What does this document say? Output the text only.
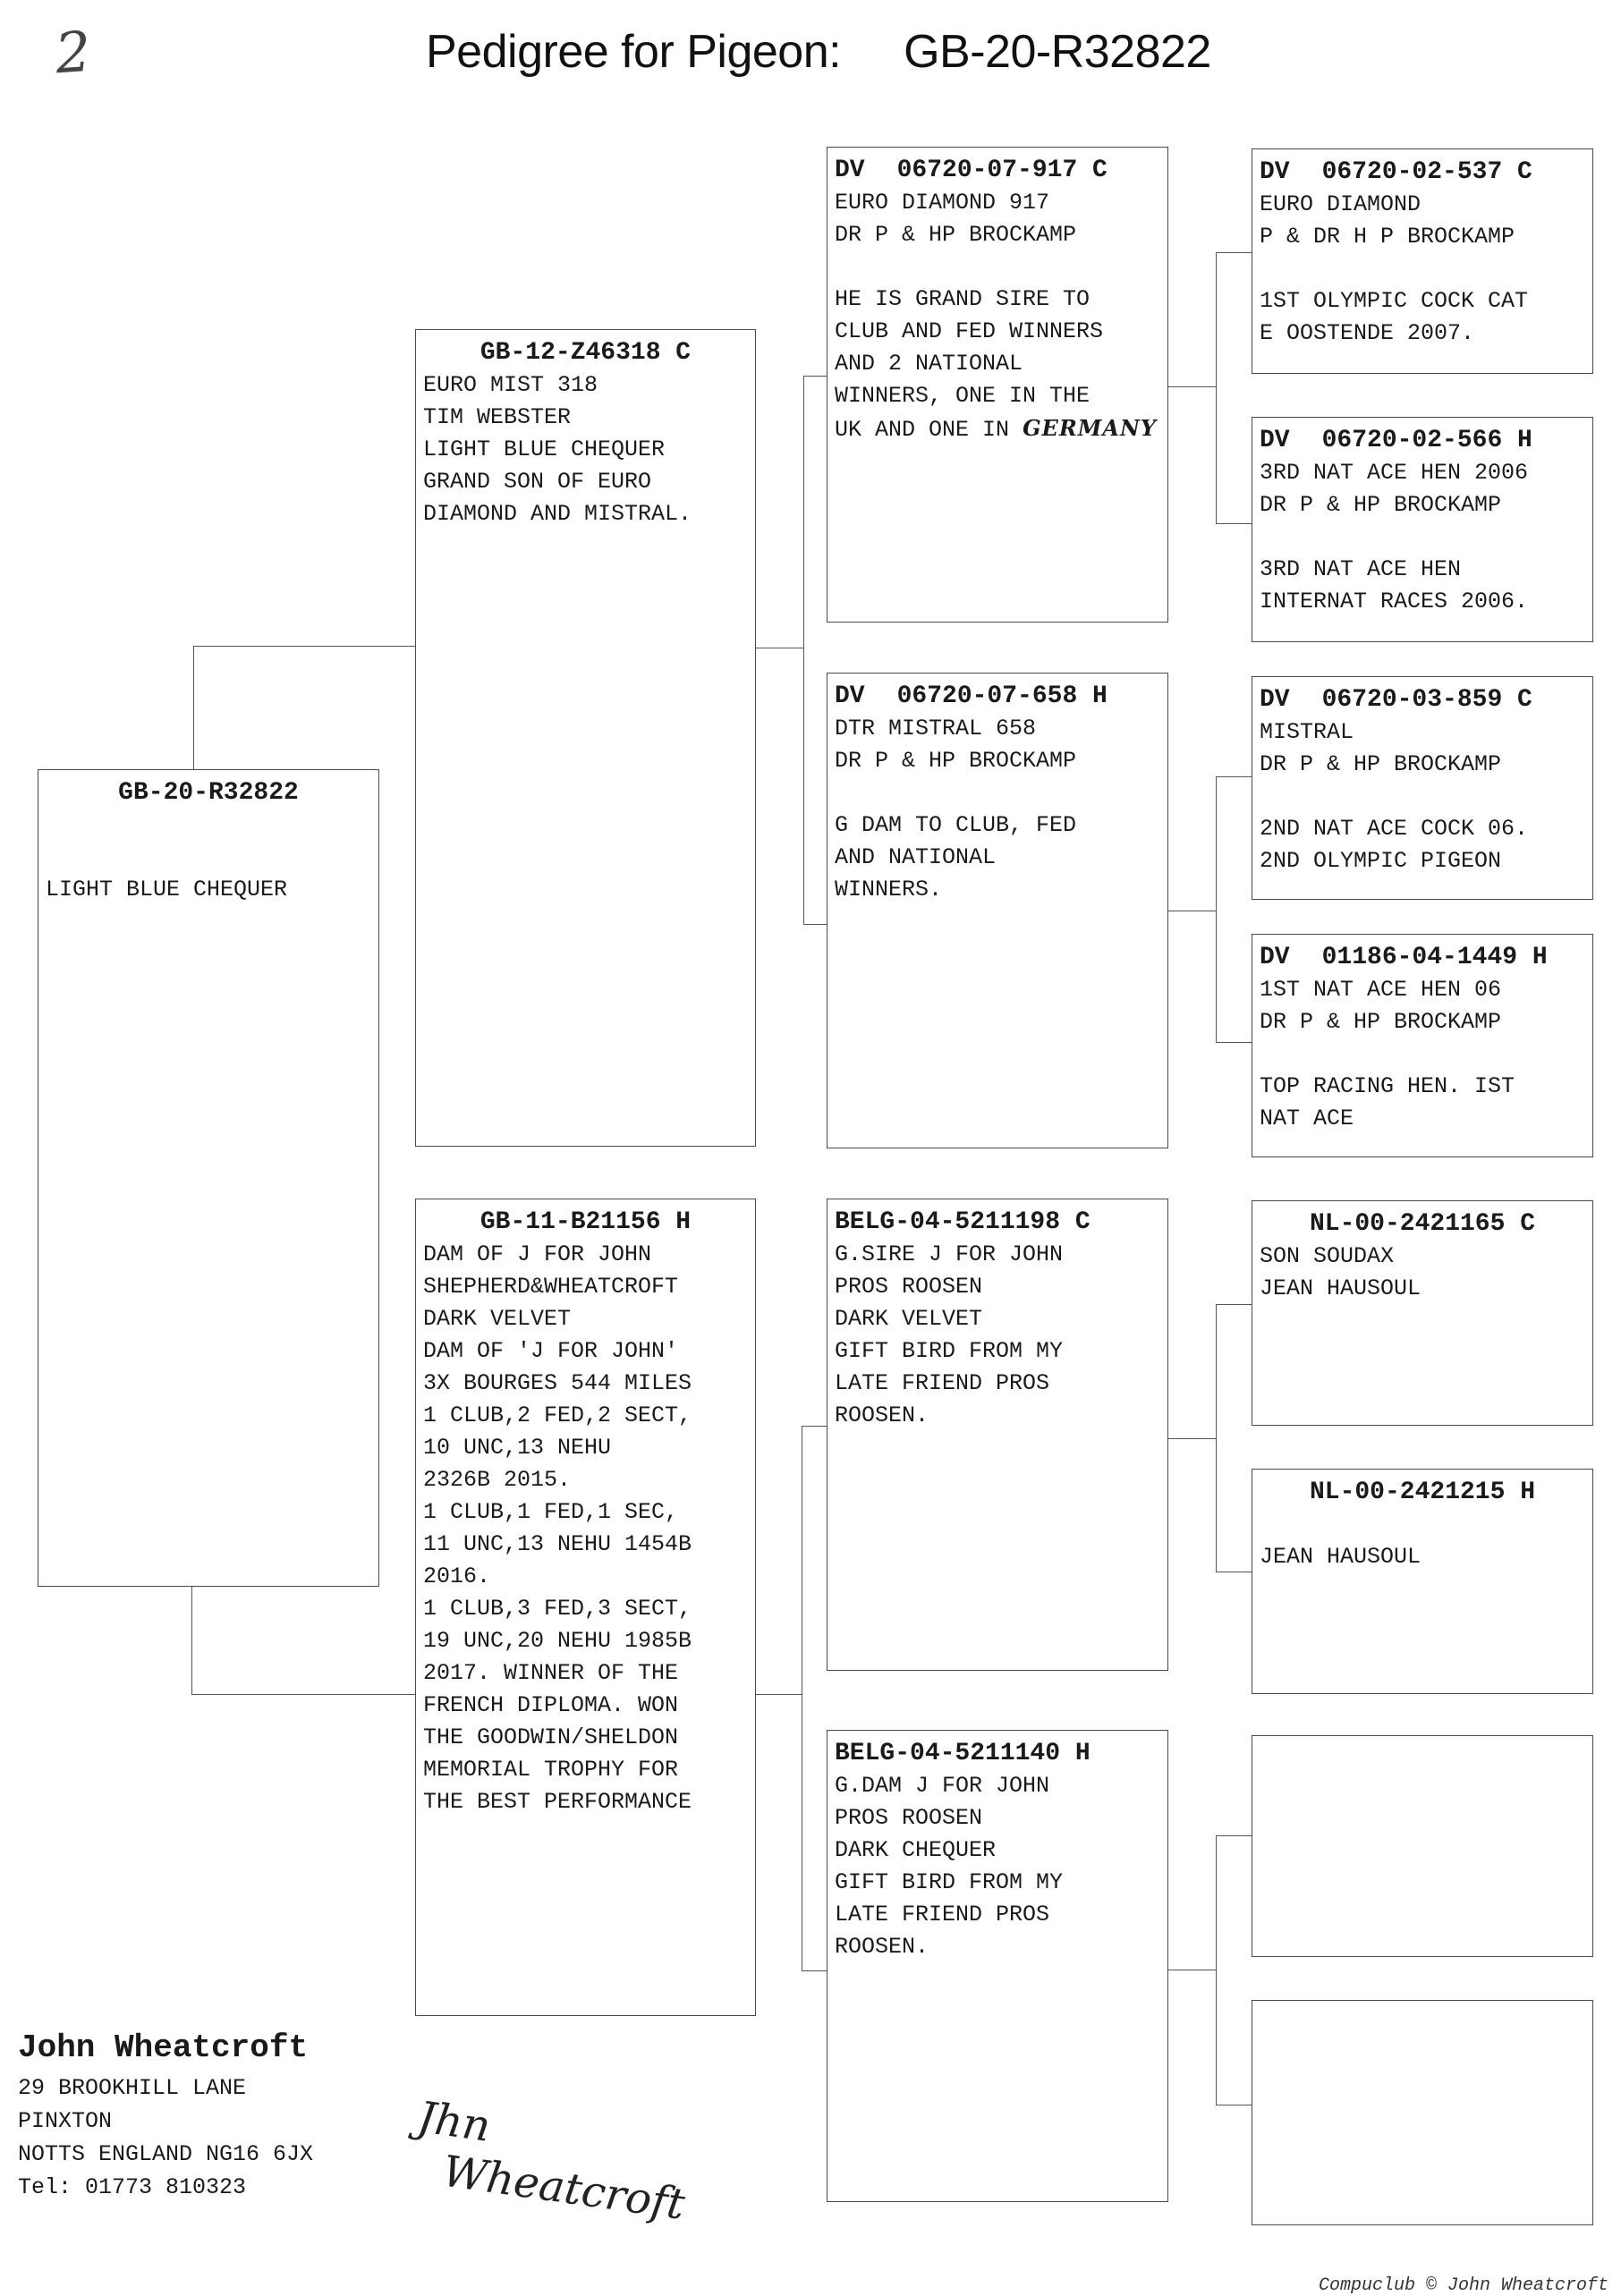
2	Pedigree for Pigeon: GB-20-R32822
GB-20-R32822
LIGHT BLUE CHEQUER
GB-12-Z46318 C
EURO MIST 318
TIM WEBSTER
LIGHT BLUE CHEQUER
GRAND SON OF EURO
DIAMOND AND MISTRAL.
GB-11-B21156 H
DAM OF J FOR JOHN
SHEPHERD&WHEATCROFT
DARK VELVET
DAM OF 'J FOR JOHN'
3X BOURGES 544 MILES
1 CLUB,2 FED,2 SECT,
10 UNC,13 NEHU
2326B 2015.
1 CLUB,1 FED,1 SEC,
11 UNC,13 NEHU 1454B
2016.
1 CLUB,3 FED,3 SECT,
19 UNC,20 NEHU 1985B
2017. WINNER OF THE
FRENCH DIPLOMA. WON
THE GOODWIN/SHELDON
MEMORIAL TROPHY FOR
THE BEST PERFORMANCE
DV 06720-07-917 C
EURO DIAMOND 917
DR P & HP BROCKAMP
HE IS GRAND SIRE TO
CLUB AND FED WINNERS
AND 2 NATIONAL
WINNERS, ONE IN THE
UK AND ONE IN GERMANY
DV 06720-07-658 H
DTR MISTRAL 658
DR P & HP BROCKAMP
G DAM TO CLUB, FED
AND NATIONAL
WINNERS.
BELG-04-5211198 C
G.SIRE J FOR JOHN
PROS ROOSEN
DARK VELVET
GIFT BIRD FROM MY
LATE FRIEND PROS
ROOSEN.
BELG-04-5211140 H
G.DAM J FOR JOHN
PROS ROOSEN
DARK CHEQUER
GIFT BIRD FROM MY
LATE FRIEND PROS
ROOSEN.
DV 06720-02-537 C
EURO DIAMOND
P & DR H P BROCKAMP
1ST OLYMPIC COCK CAT
E OOSTENDE 2007.
DV 06720-02-566 H
3RD NAT ACE HEN 2006
DR P & HP BROCKAMP
3RD NAT ACE HEN
INTERNAT RACES 2006.
DV 06720-03-859 C
MISTRAL
DR P & HP BROCKAMP
2ND NAT ACE COCK 06.
2ND OLYMPIC PIGEON
DV 01186-04-1449 H
1ST NAT ACE HEN 06
DR P & HP BROCKAMP
TOP RACING HEN. IST
NAT ACE
NL-00-2421165 C
SON SOUDAX
JEAN HAUSOUL
NL-00-2421215 H
JEAN HAUSOUL
John Wheatcroft
29 BROOKHILL LANE
PINXTON
NOTTS ENGLAND NG16 6JX
Tel: 01773 810323
Jhn
Wheatcroft
Compuclub © John Wheatcroft
